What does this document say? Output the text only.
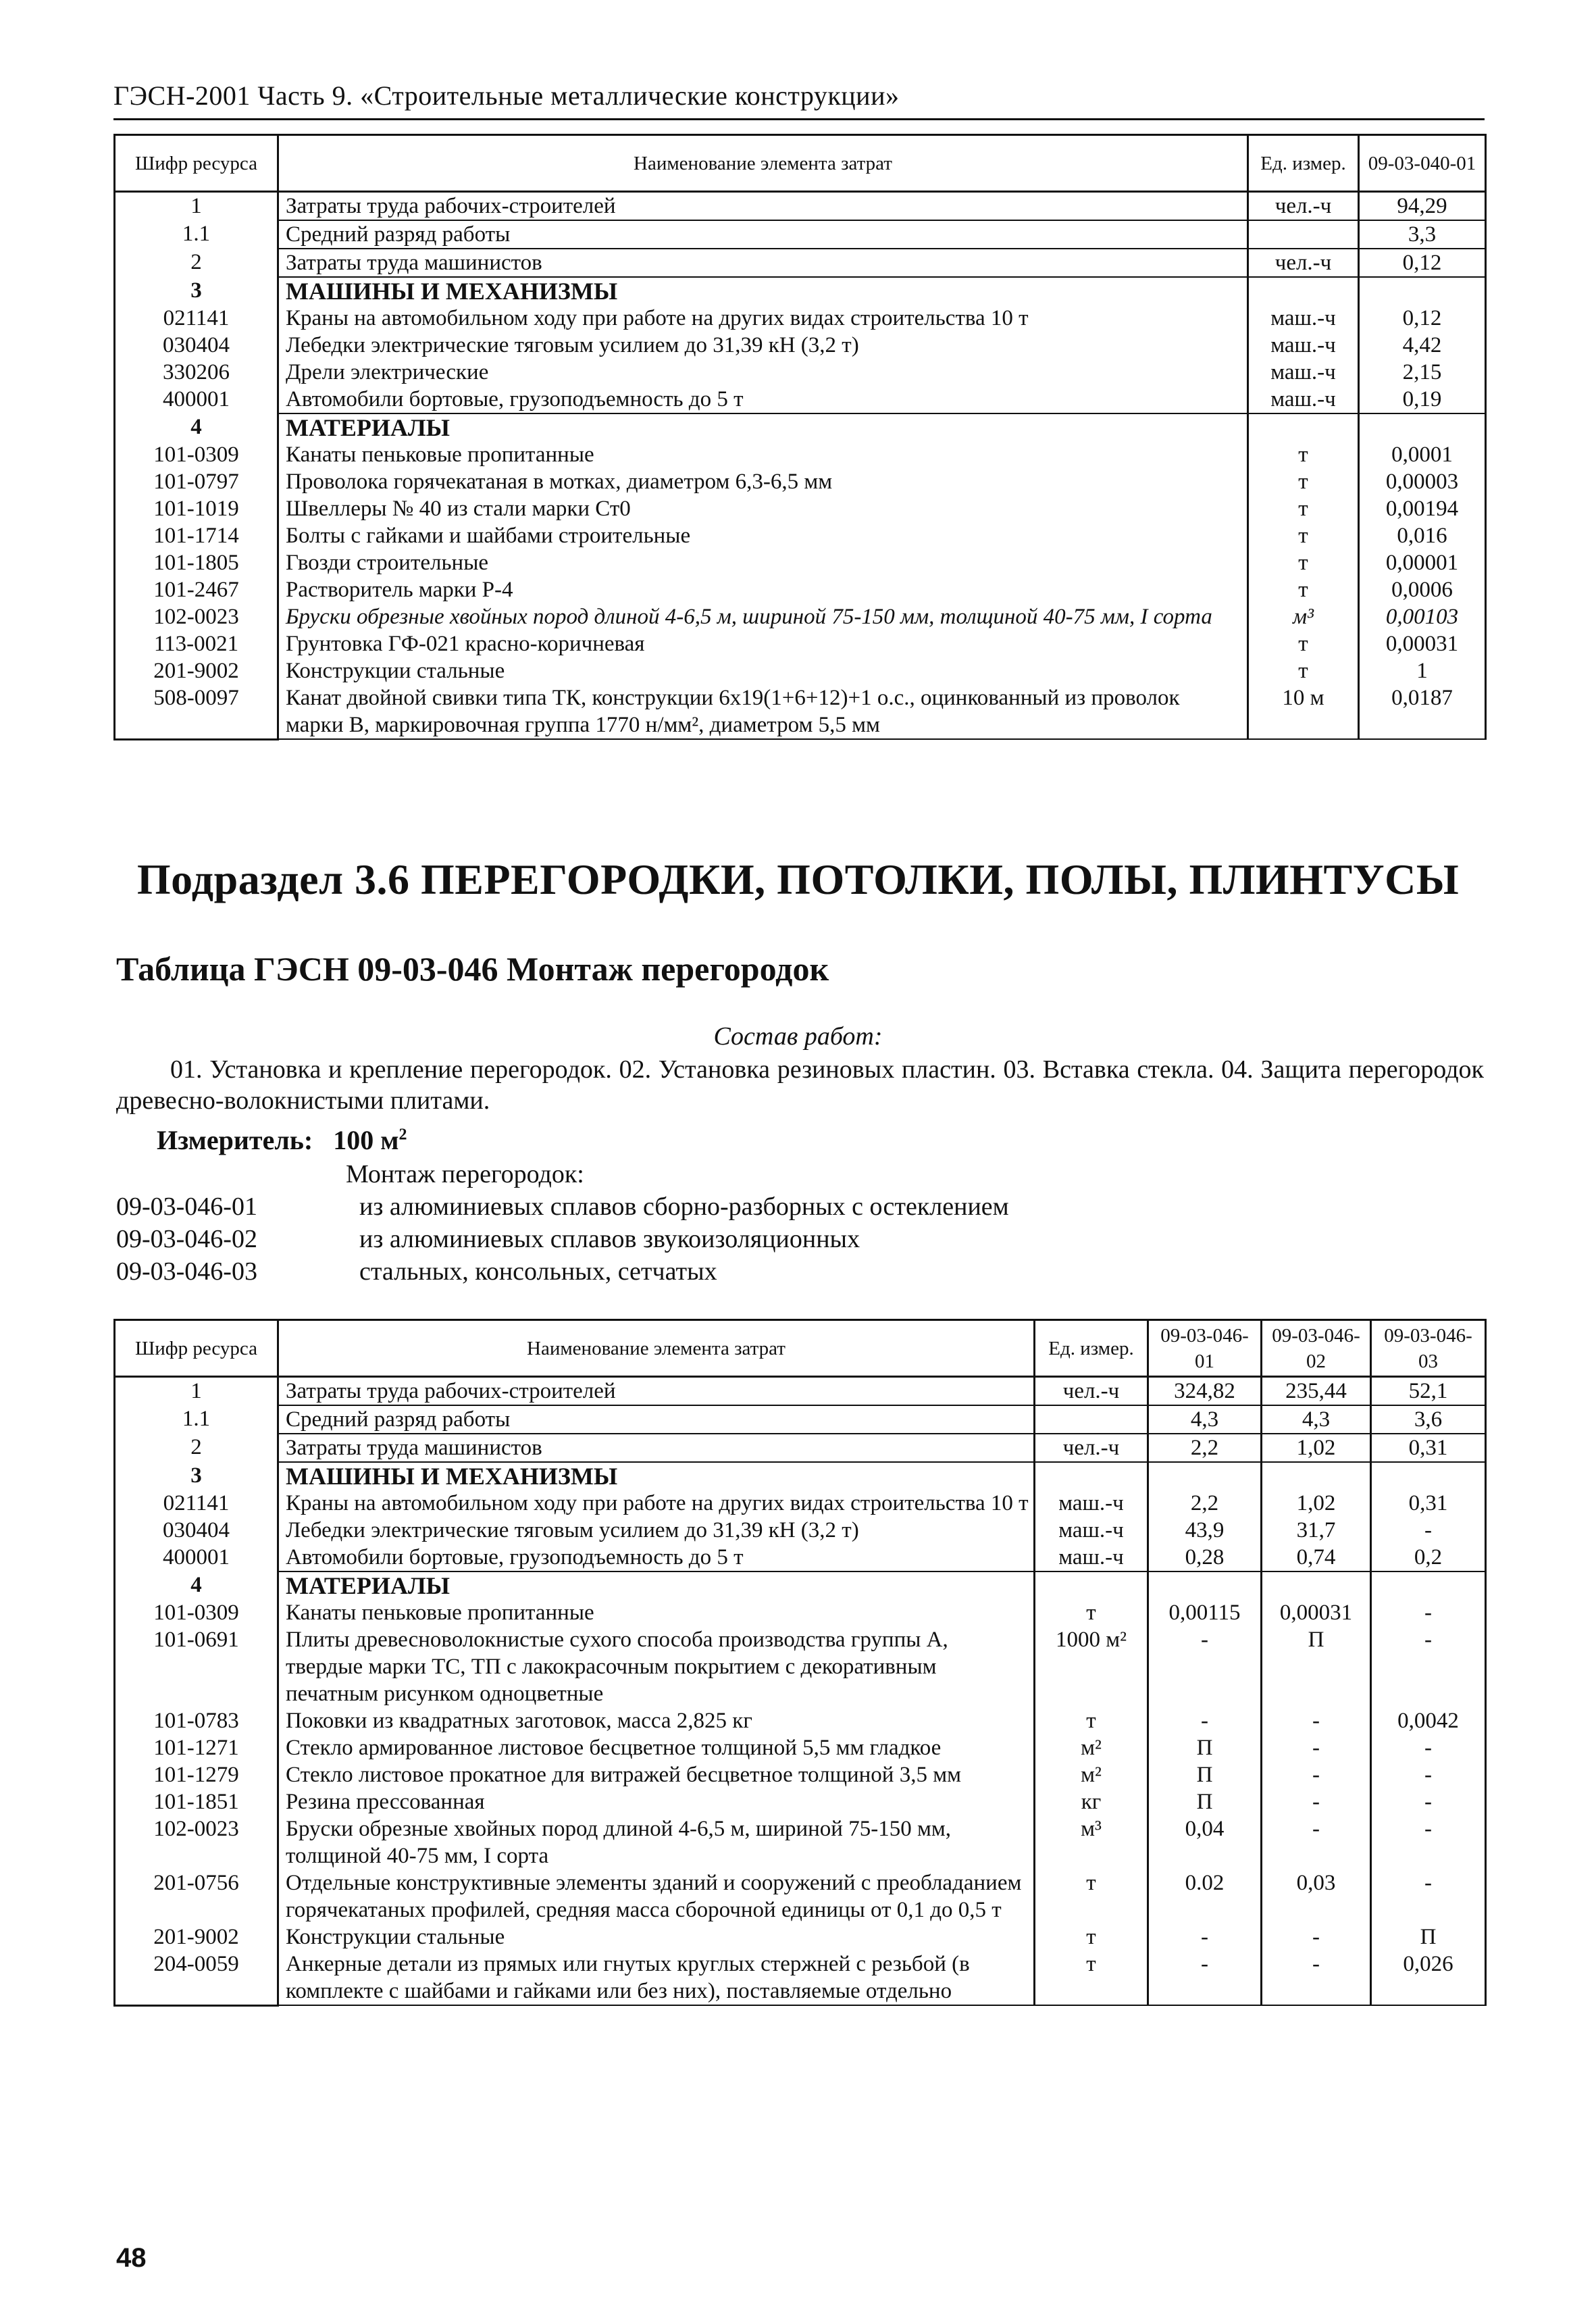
ГЭСН-2001 Часть 9. «Строительные металлические конструкции»
Шифр ресурса	Наименование элемента затрат	Ед. измер.	09-03-040-01
1	Затраты труда рабочих-строителей	чел.-ч	94,29
1.1	Средний разряд работы		3,3
2	Затраты труда машинистов	чел.-ч	0,12
3	МАШИНЫ И МЕХАНИЗМЫ		
021141	Краны на автомобильном ходу при работе на других видах строительства 10 т	маш.-ч	0,12
030404	Лебедки электрические тяговым усилием до 31,39 кН (3,2 т)	маш.-ч	4,42
330206	Дрели электрические	маш.-ч	2,15
400001	Автомобили бортовые, грузоподъемность до 5 т	маш.-ч	0,19
4	МАТЕРИАЛЫ		
101-0309	Канаты пеньковые пропитанные	т	0,0001
101-0797	Проволока горячекатаная в мотках, диаметром 6,3-6,5 мм	т	0,00003
101-1019	Швеллеры № 40 из стали марки Ст0	т	0,00194
101-1714	Болты с гайками и шайбами строительные	т	0,016
101-1805	Гвозди строительные	т	0,00001
101-2467	Растворитель марки Р-4	т	0,0006
102-0023	Бруски обрезные хвойных пород длиной 4-6,5 м, шириной 75-150 мм, толщиной 40-75 мм, I сорта	м³	0,00103
113-0021	Грунтовка ГФ-021 красно-коричневая	т	0,00031
201-9002	Конструкции стальные	т	1
508-0097	Канат двойной свивки типа ТК, конструкции 6х19(1+6+12)+1 о.с., оцинкованный из проволок марки В, маркировочная группа 1770 н/мм², диаметром 5,5 мм	10 м	0,0187
Подраздел 3.6 ПЕРЕГОРОДКИ, ПОТОЛКИ, ПОЛЫ, ПЛИНТУСЫ
Таблица ГЭСН 09-03-046 Монтаж перегородок
Состав работ:
01. Установка и крепление перегородок. 02. Установка резиновых пластин. 03. Вставка стекла. 04. Защита перегородок древесно-волокнистыми плитами.
Измеритель: 100 $м^2$
Монтаж перегородок:
09-03-046-01	из алюминиевых сплавов сборно-разборных с остеклением
09-03-046-02	из алюминиевых сплавов звукоизоляционных
09-03-046-03	стальных, консольных, сетчатых
Шифр ресурса	Наименование элемента затрат	Ед. измер.	09-03-046-01	09-03-046-02	09-03-046-03
1	Затраты труда рабочих-строителей	чел.-ч	324,82	235,44	52,1
1.1	Средний разряд работы		4,3	4,3	3,6
2	Затраты труда машинистов	чел.-ч	2,2	1,02	0,31
3	МАШИНЫ И МЕХАНИЗМЫ				
021141	Краны на автомобильном ходу при работе на других видах строительства 10 т	маш.-ч	2,2	1,02	0,31
030404	Лебедки электрические тяговым усилием до 31,39 кН (3,2 т)	маш.-ч	43,9	31,7	-
400001	Автомобили бортовые, грузоподъемность до 5 т	маш.-ч	0,28	0,74	0,2
4	МАТЕРИАЛЫ				
101-0309	Канаты пеньковые пропитанные	т	0,00115	0,00031	-
101-0691	Плиты древесноволокнистые сухого способа производства группы А, твердые марки ТС, ТП с лакокрасочным покрытием с декоративным печатным рисунком одноцветные	1000 м²	-	П	-
101-0783	Поковки из квадратных заготовок, масса 2,825 кг	т	-	-	0,0042
101-1271	Стекло армированное листовое бесцветное толщиной 5,5 мм гладкое	м²	П	-	-
101-1279	Стекло листовое прокатное для витражей бесцветное толщиной 3,5 мм	м²	П	-	-
101-1851	Резина прессованная	кг	П	-	-
102-0023	Бруски обрезные хвойных пород длиной 4-6,5 м, шириной 75-150 мм, толщиной 40-75 мм, I сорта	м³	0,04	-	-
201-0756	Отдельные конструктивные элементы зданий и сооружений с преобладанием горячекатаных профилей, средняя масса сборочной единицы от 0,1 до 0,5 т	т	0.02	0,03	-
201-9002	Конструкции стальные	т	-	-	П
204-0059	Анкерные детали из прямых или гнутых круглых стержней с резьбой (в комплекте с шайбами и гайками или без них), поставляемые отдельно	т	-	-	0,026
48
